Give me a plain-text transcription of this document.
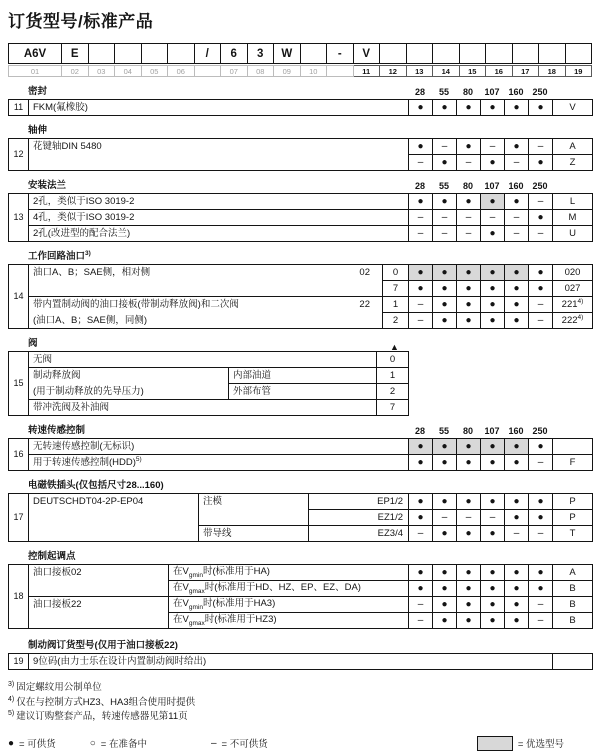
订货型号/标准产品
A6V	E	/	6	3	W	-	V
01	02	03	04	05	06	07	08	09	10	11	12	13	14	15	16	17	18	19
密封	28	55	80	107 160 250
11	FKM(氟橡胶)	●	●	●	●	●	●	V
轴伸
12	花键轴DIN 5480	●	–	●	–	●	–	A
		–	●	–	●	–	●	Z
安装法兰	28	55	80	107 160 250
13	2孔，类似于ISO 3019-2	●	●	●	●	●	–	L
	4孔，类似于ISO 3019-2	–	–	–	–	–	●	M
	2孔(改进型的配合法兰)	–	–	–	●	–	–	U
工作回路油口$^{3)}$
14	油口A、B；SAE侧，相对侧 02	0	●	●	●	●	●	●	020
		7	●	●	●	●	●	●	027

	带内置制动阀的油口接板(带制动释放阀)和二次阀
(油口A、B；SAE侧，同侧)
22	1	–	●	●	●	●	–	221$^{4)}$
		2	–	●	●	●	●	–	222$^{4)}$
阀	▲
15	无阀		0

	制动释放阀
(用于制动释放的先导压力)	内部油道	1
		外部布管	2
	带冲洗阀及补油阀		7
转速传感控制	28	55	80	107 160 250
16	无转速传感控制(无标识)	●	●	●	●	●	●	
	用于转速传感控制(HDD)$^{5)}$	●	●	●	●	●	–	F
电磁铁插头(仅包括尺寸28...160)
17	DEUTSCHDT04-2P-EP04	注模	EP1/2	●	●	●	●	●	●	P
			EZ1/2	●	–	–	–	●	●	P
		带导线	EZ3/4	–	●	●	●	–	–	T
控制起调点
18	油口接板02	在$V_{gmin}$时(标准用于HA)	●	●	●	●	●	●	A
		在$V_{gmax}$时(标准用于HD、HZ、EP、EZ、DA)	●	●	●	●	●	●	B
	油口接板22	在$V_{gmin}$时(标准用于HA3)	–	●	●	●	●	–	B
		在$V_{gmax}$时(标准用于HZ3)	–	●	●	●	●	–	B
制动阀订货型号(仅用于油口接板22)
19	9位码(由力士乐在设计内置制动阀时给出)	
$^{3)}$ 固定螺纹用公制单位
$^{4)}$ 仅在与控制方式HZ3、HA3组合使用时提供
$^{5)}$ 建议订购整套产品，转速传感器见第11页
● = 可供货	○ = 在准备中	– = 不可供货	= 优选型号
